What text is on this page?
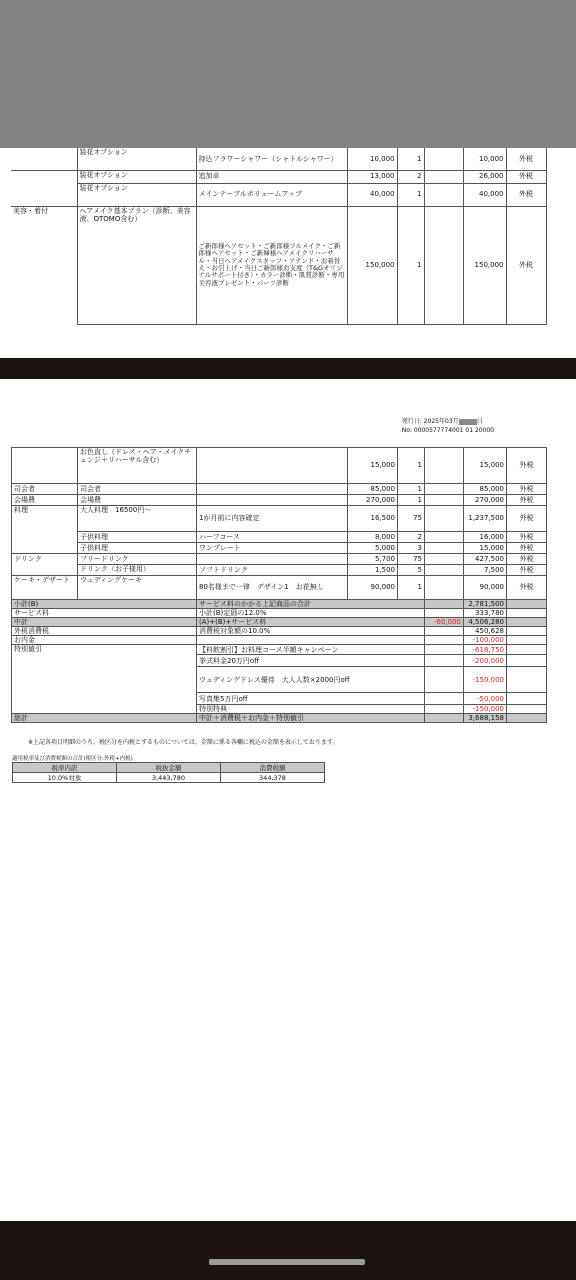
	装花オプション	持込フラワーシャワー（シャトルシャワー）	10,000	1		10,000	外税
	装花オプション	追加卓	13,000	2		26,000	外税
	装花オプション	メインテーブルボリュームアップ	40,000	1		40,000	外税
美容・着付	ヘアメイク基本プラン（診断、美容液、OTOMO含む）	ご新郎様ヘアセット・ご新郎様フルメイク・ご新郎様ヘアセット・ご新婦様ヘアメイクリハーサル・当日ヘアメイクスタッフ・アテンド・お着替え・お引上げ・当日ご新郎様お支度（T&Gオリジナルサポート付き）・カラー診断・肌質診断・専用美容液プレゼント・パーツ診断	150,000	1		150,000	外税
発行日: 2025年03月	日
No: 0000577774001 01 20000
	お色直し（ドレス・ヘア・メイクチェンジ＋リハーサル含む）		15,000	1		15,000	外税
司会者	司会者		85,000	1		85,000	外税
会場費	会場費		270,000	1		270,000	外税
料理	大人料理　16500円～	1か月前に内容確定	16,500	75		1,237,500	外税
	子供料理	ハーフコース	8,000	2		16,000	外税
	子供料理	ワンプレート	5,000	3		15,000	外税
ドリンク	フリードリンク		5,700	75		427,500	外税
	ドリンク（お子様用）	ソフトドリンク	1,500	5		7,500	外税
ケーキ・デザート	ウェディングケーキ	80名様まで一律　デザイン1　お花無し	90,000	1		90,000	外税
小計(B)		サービス料のかかる上記商品の合計				2,781,500	
サービス料		小計(B)定価の12.0%				333,780	
中計		(A)+(B)+サービス料			-60,000	4,506,280	
外税消費税		消費税対象額の10.0%				450,628	
お内金						-100,000	
特別値引		【料飲割引】お料理コース半額キャンペーン				-618,750	
		挙式料金20万円off				-200,000	
		ウェディングドレス優待　大人人数×2000円off				-150,000	
		写真集5万円off				-50,000	
		特別特典				-150,000	
総計		中計＋消費税＋お内金＋特別値引				3,688,158	
※上記各項目明細のうち、税区分を内税とするものについては、金額に係る各欄に税込の金額を表示しております。
適用税率及び消費税額の合計(税区分:外税+内税)
税率内訳	税抜金額	消費税額
10.0%対象	3,443,780	344,378
